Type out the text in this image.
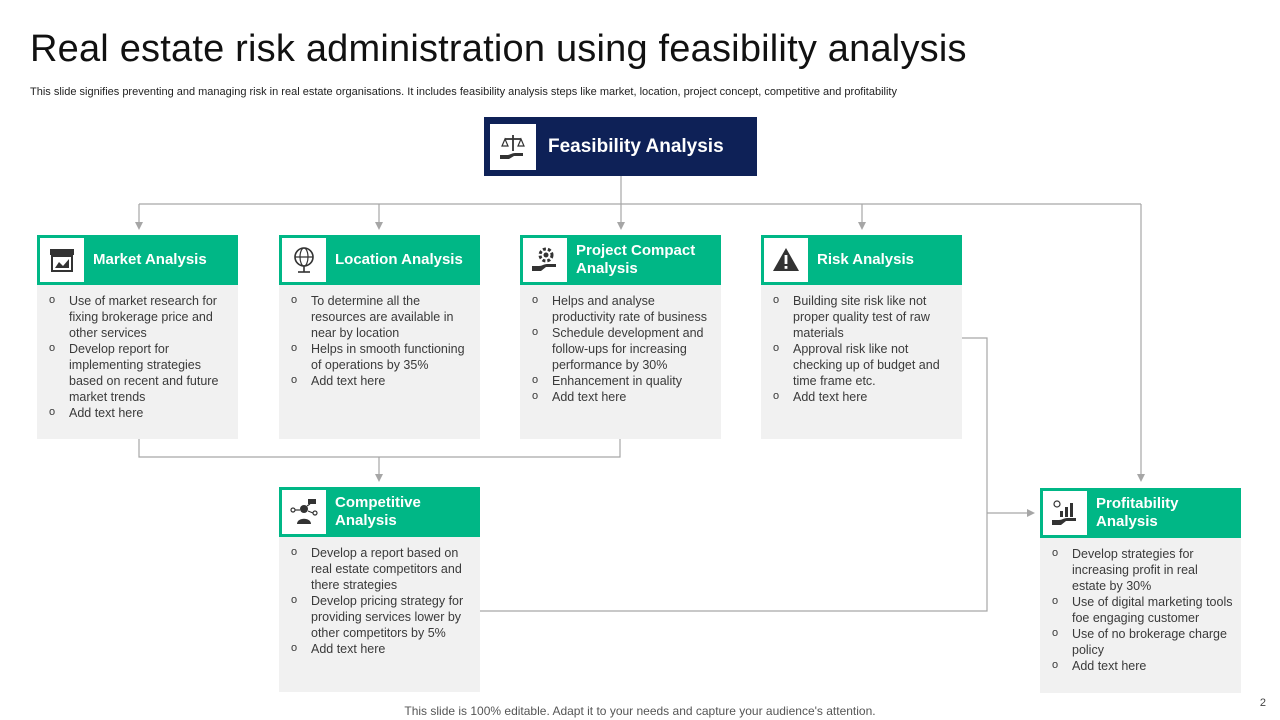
Real estate risk administration using feasibility analysis
This slide signifies preventing and managing risk in real estate organisations. It includes feasibility analysis steps like market, location, project concept, competitive and profitability
Feasibility Analysis
Market Analysis
o Use of market research for fixing brokerage price and other services
o Develop report for implementing strategies based on recent and future market trends
o Add text here
Location Analysis
o To determine all the resources are available in near by location
o Helps in smooth functioning of operations by 35%
o Add text here
Project Compact Analysis
o Helps and analyse productivity rate of business
o Schedule development and follow-ups for increasing performance by 30%
o Enhancement in quality
o Add text here
Risk Analysis
o Building site risk like not proper quality test of raw materials
o Approval risk like not checking up of budget and time frame etc.
o Add text here
Competitive Analysis
o Develop a report based on real estate competitors and there strategies
o Develop pricing strategy for providing services lower by other competitors by 5%
o Add text here
Profitability Analysis
o Develop strategies for increasing profit in real estate by 30%
o Use of digital marketing tools foe engaging customer
o Use of no brokerage charge policy
o Add text here
This slide is 100% editable. Adapt it to your needs and capture your audience's attention.
2
